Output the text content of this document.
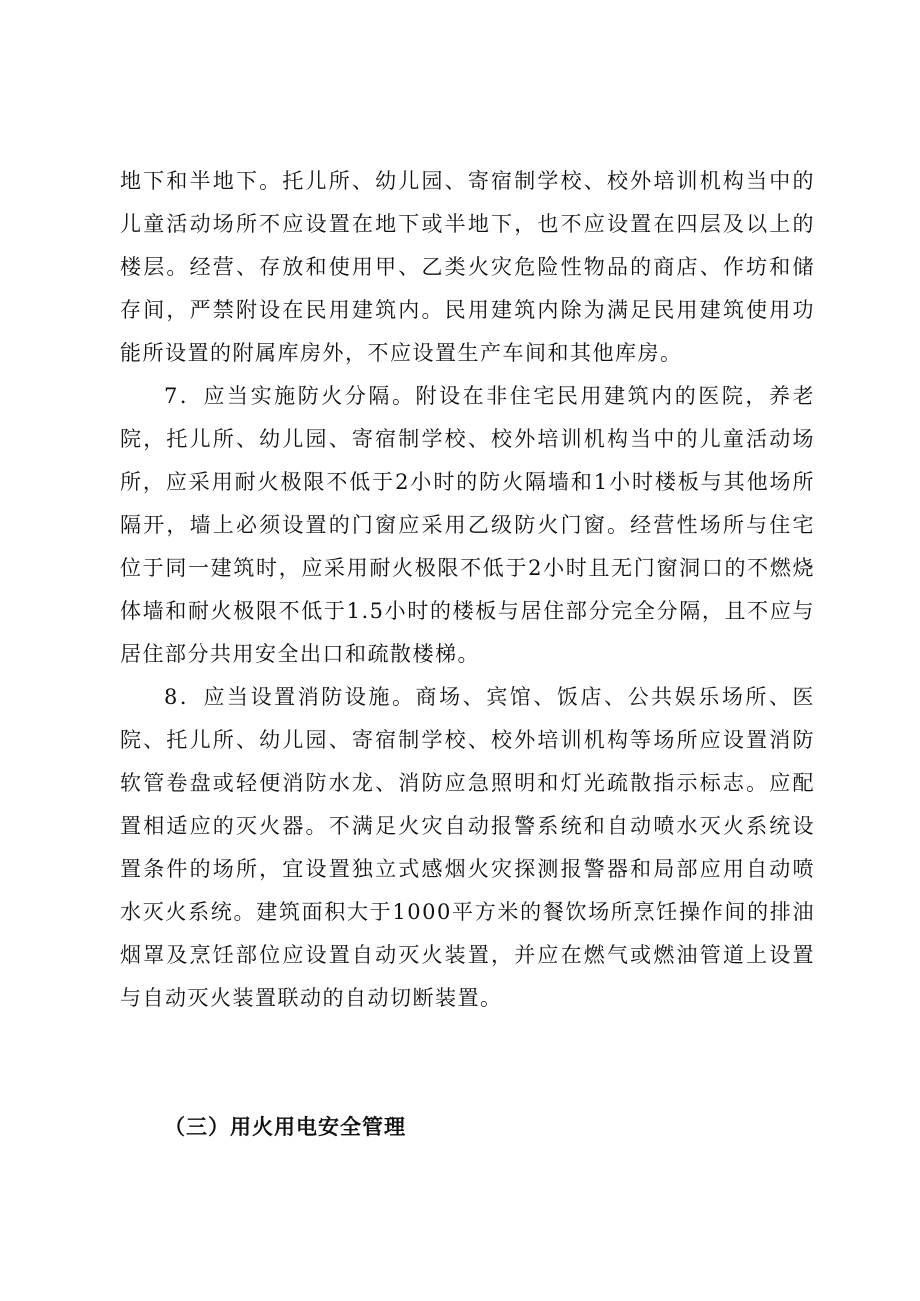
地下和半地下。托儿所、幼儿园、寄宿制学校、校外培训机构当中的儿童活动场所不应设置在地下或半地下，也不应设置在四层及以上的楼层。经营、存放和使用甲、乙类火灾危险性物品的商店、作坊和储存间，严禁附设在民用建筑内。民用建筑内除为满足民用建筑使用功能所设置的附属库房外，不应设置生产车间和其他库房。

7．应当实施防火分隔。附设在非住宅民用建筑内的医院，养老院，托儿所、幼儿园、寄宿制学校、校外培训机构当中的儿童活动场所，应采用耐火极限不低于2小时的防火隔墙和1小时楼板与其他场所隔开，墙上必须设置的门窗应采用乙级防火门窗。经营性场所与住宅位于同一建筑时，应采用耐火极限不低于2小时且无门窗洞口的不燃烧体墙和耐火极限不低于1.5小时的楼板与居住部分完全分隔，且不应与居住部分共用安全出口和疏散楼梯。

8．应当设置消防设施。商场、宾馆、饭店、公共娱乐场所、医院、托儿所、幼儿园、寄宿制学校、校外培训机构等场所应设置消防软管卷盘或轻便消防水龙、消防应急照明和灯光疏散指示标志。应配置相适应的灭火器。不满足火灾自动报警系统和自动喷水灭火系统设置条件的场所，宜设置独立式感烟火灾探测报警器和局部应用自动喷水灭火系统。建筑面积大于1000平方米的餐饮场所烹饪操作间的排油烟罩及烹饪部位应设置自动灭火装置，并应在燃气或燃油管道上设置与自动灭火装置联动的自动切断装置。

（三）用火用电安全管理
